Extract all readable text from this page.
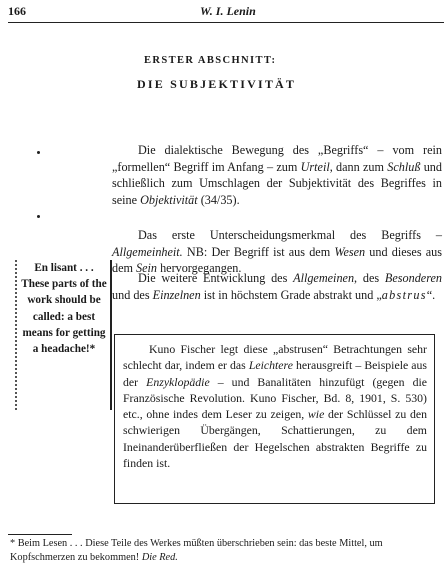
166	W. I. Lenin
ERSTER ABSCHNITT:
DIE SUBJEKTIVITÄT

Die dialektische Bewegung des „Begriffs“ – vom rein „formellen“ Begriff im Anfang – zum Urteil, dann zum Schluß und schließlich zum Umschlagen der Subjektivität des Begriffes in seine Objektivität (34/35).

Das erste Unterscheidungsmerkmal des Begriffs – Allgemeinheit. NB: Der Begriff ist aus dem Wesen und dieses aus dem Sein hervorgegangen.

Die weitere Entwicklung des Allgemeinen, des Besonderen und des Einzelnen ist in höchstem Grade abstrakt und „abstrus“.

En lisant . . . These parts of the work should be called: a best means for getting a headache!*	Kuno Fischer legt diese „abstrusen“ Betrachtungen sehr schlecht dar, indem er das Leichtere herausgreift – Beispiele aus der Enzyklopädie – und Banalitäten hinzufügt (gegen die Französische Revolution. Kuno Fischer, Bd. 8, 1901, S. 530) etc., ohne indes dem Leser zu zeigen, wie der Schlüssel zu den schwierigen Übergängen, Schattierungen, zu dem Ineinanderüberfließen der Hegelschen abstrakten Begriffe zu finden ist.

* Beim Lesen . . . Diese Teile des Werkes müßten überschrieben sein: das beste Mittel, um Kopfschmerzen zu bekommen! Die Red.
